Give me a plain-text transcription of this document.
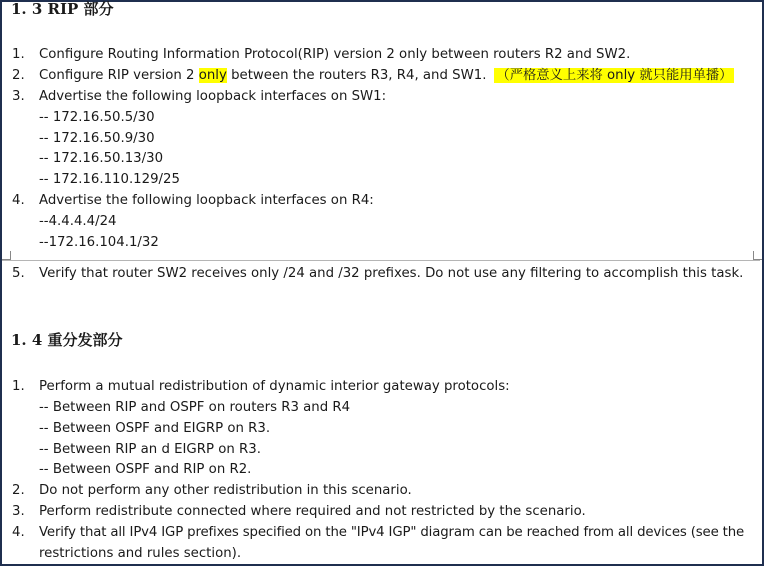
1. 3 RIP 部分
1. Configure Routing Information Protocol(RIP) version 2 only between routers R2 and SW2.
2. Configure RIP version 2 only between the routers R3, R4, and SW1. （严格意义上来将 only 就只能用单播）
3. Advertise the following loopback interfaces on SW1:
-- 172.16.50.5/30
-- 172.16.50.9/30
-- 172.16.50.13/30
-- 172.16.110.129/25
4. Advertise the following loopback interfaces on R4:
--4.4.4.4/24
--172.16.104.1/32
5. Verify that router SW2 receives only /24 and /32 prefixes. Do not use any filtering to accomplish this task.
1. 4 重分发部分
1. Perform a mutual redistribution of dynamic interior gateway protocols:
-- Between RIP and OSPF on routers R3 and R4
-- Between OSPF and EIGRP on R3.
-- Between RIP an d EIGRP on R3.
-- Between OSPF and RIP on R2.
2. Do not perform any other redistribution in this scenario.
3. Perform redistribute connected where required and not restricted by the scenario.
4. Verify that all IPv4 IGP prefixes specified on the "IPv4 IGP" diagram can be reached from all devices (see the
restrictions and rules section).
